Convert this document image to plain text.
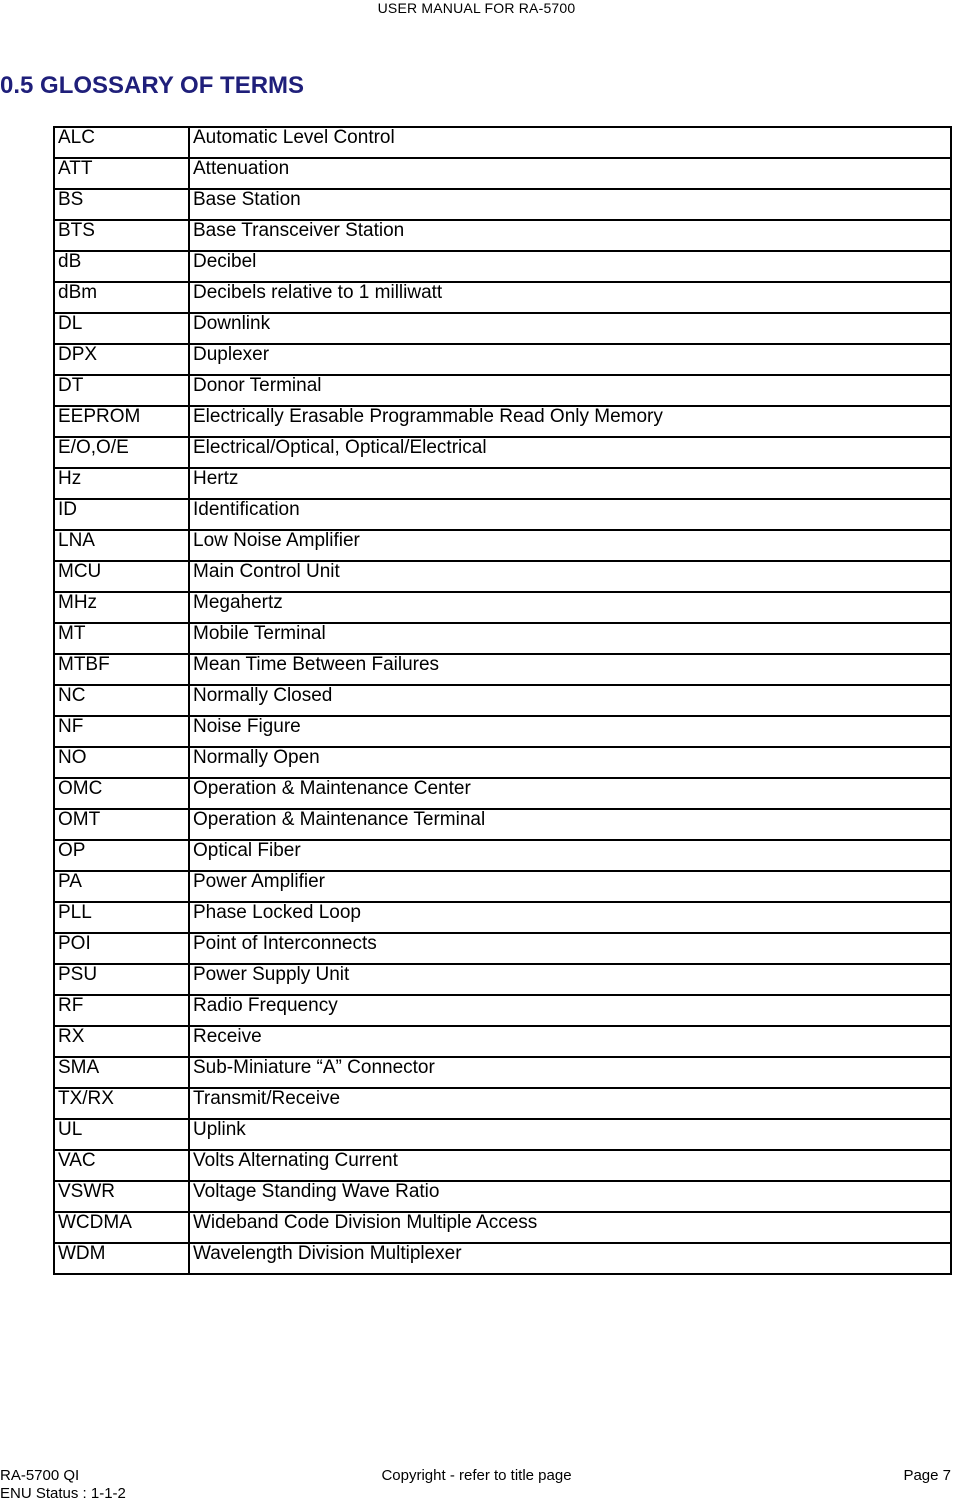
USER MANUAL FOR RA-5700
0.5 GLOSSARY OF TERMS
ALC	Automatic Level Control
ATT	Attenuation
BS	Base Station
BTS	Base Transceiver Station
dB	Decibel
dBm	Decibels relative to 1 milliwatt
DL	Downlink
DPX	Duplexer
DT	Donor Terminal
EEPROM	Electrically Erasable Programmable Read Only Memory
E/O,O/E	Electrical/Optical, Optical/Electrical
Hz	Hertz
ID	Identification
LNA	Low Noise Amplifier
MCU	Main Control Unit
MHz	Megahertz
MT	Mobile Terminal
MTBF	Mean Time Between Failures
NC	Normally Closed
NF	Noise Figure
NO	Normally Open
OMC	Operation & Maintenance Center
OMT	Operation & Maintenance Terminal
OP	Optical Fiber
PA	Power Amplifier
PLL	Phase Locked Loop
POI	Point of Interconnects
PSU	Power Supply Unit
RF	Radio Frequency
RX	Receive
SMA	Sub-Miniature “A” Connector
TX/RX	Transmit/Receive
UL	Uplink
VAC	Volts Alternating Current
VSWR	Voltage Standing Wave Ratio
WCDMA	Wideband Code Division Multiple Access
WDM	Wavelength Division Multiplexer
RA-5700 QI
ENU Status : 1-1-2
Copyright - refer to title page	Page 7
